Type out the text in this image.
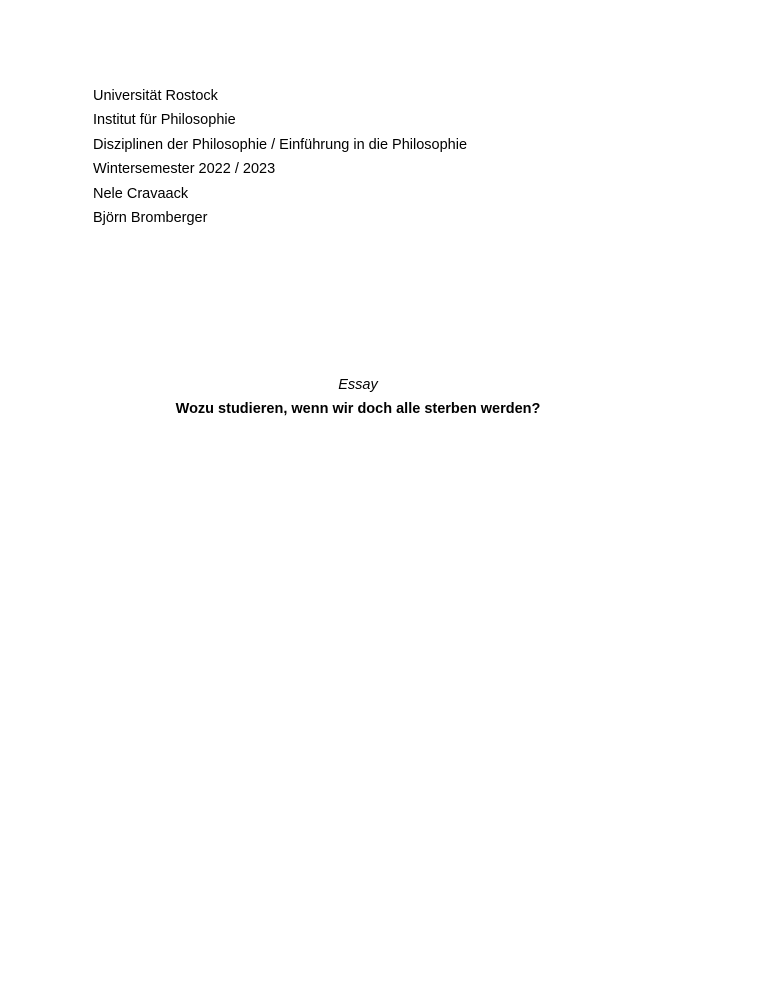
Universität Rostock
Institut für Philosophie
Disziplinen der Philosophie / Einführung in die Philosophie
Wintersemester 2022 / 2023
Nele Cravaack
Björn Bromberger
Essay
Wozu studieren, wenn wir doch alle sterben werden?
